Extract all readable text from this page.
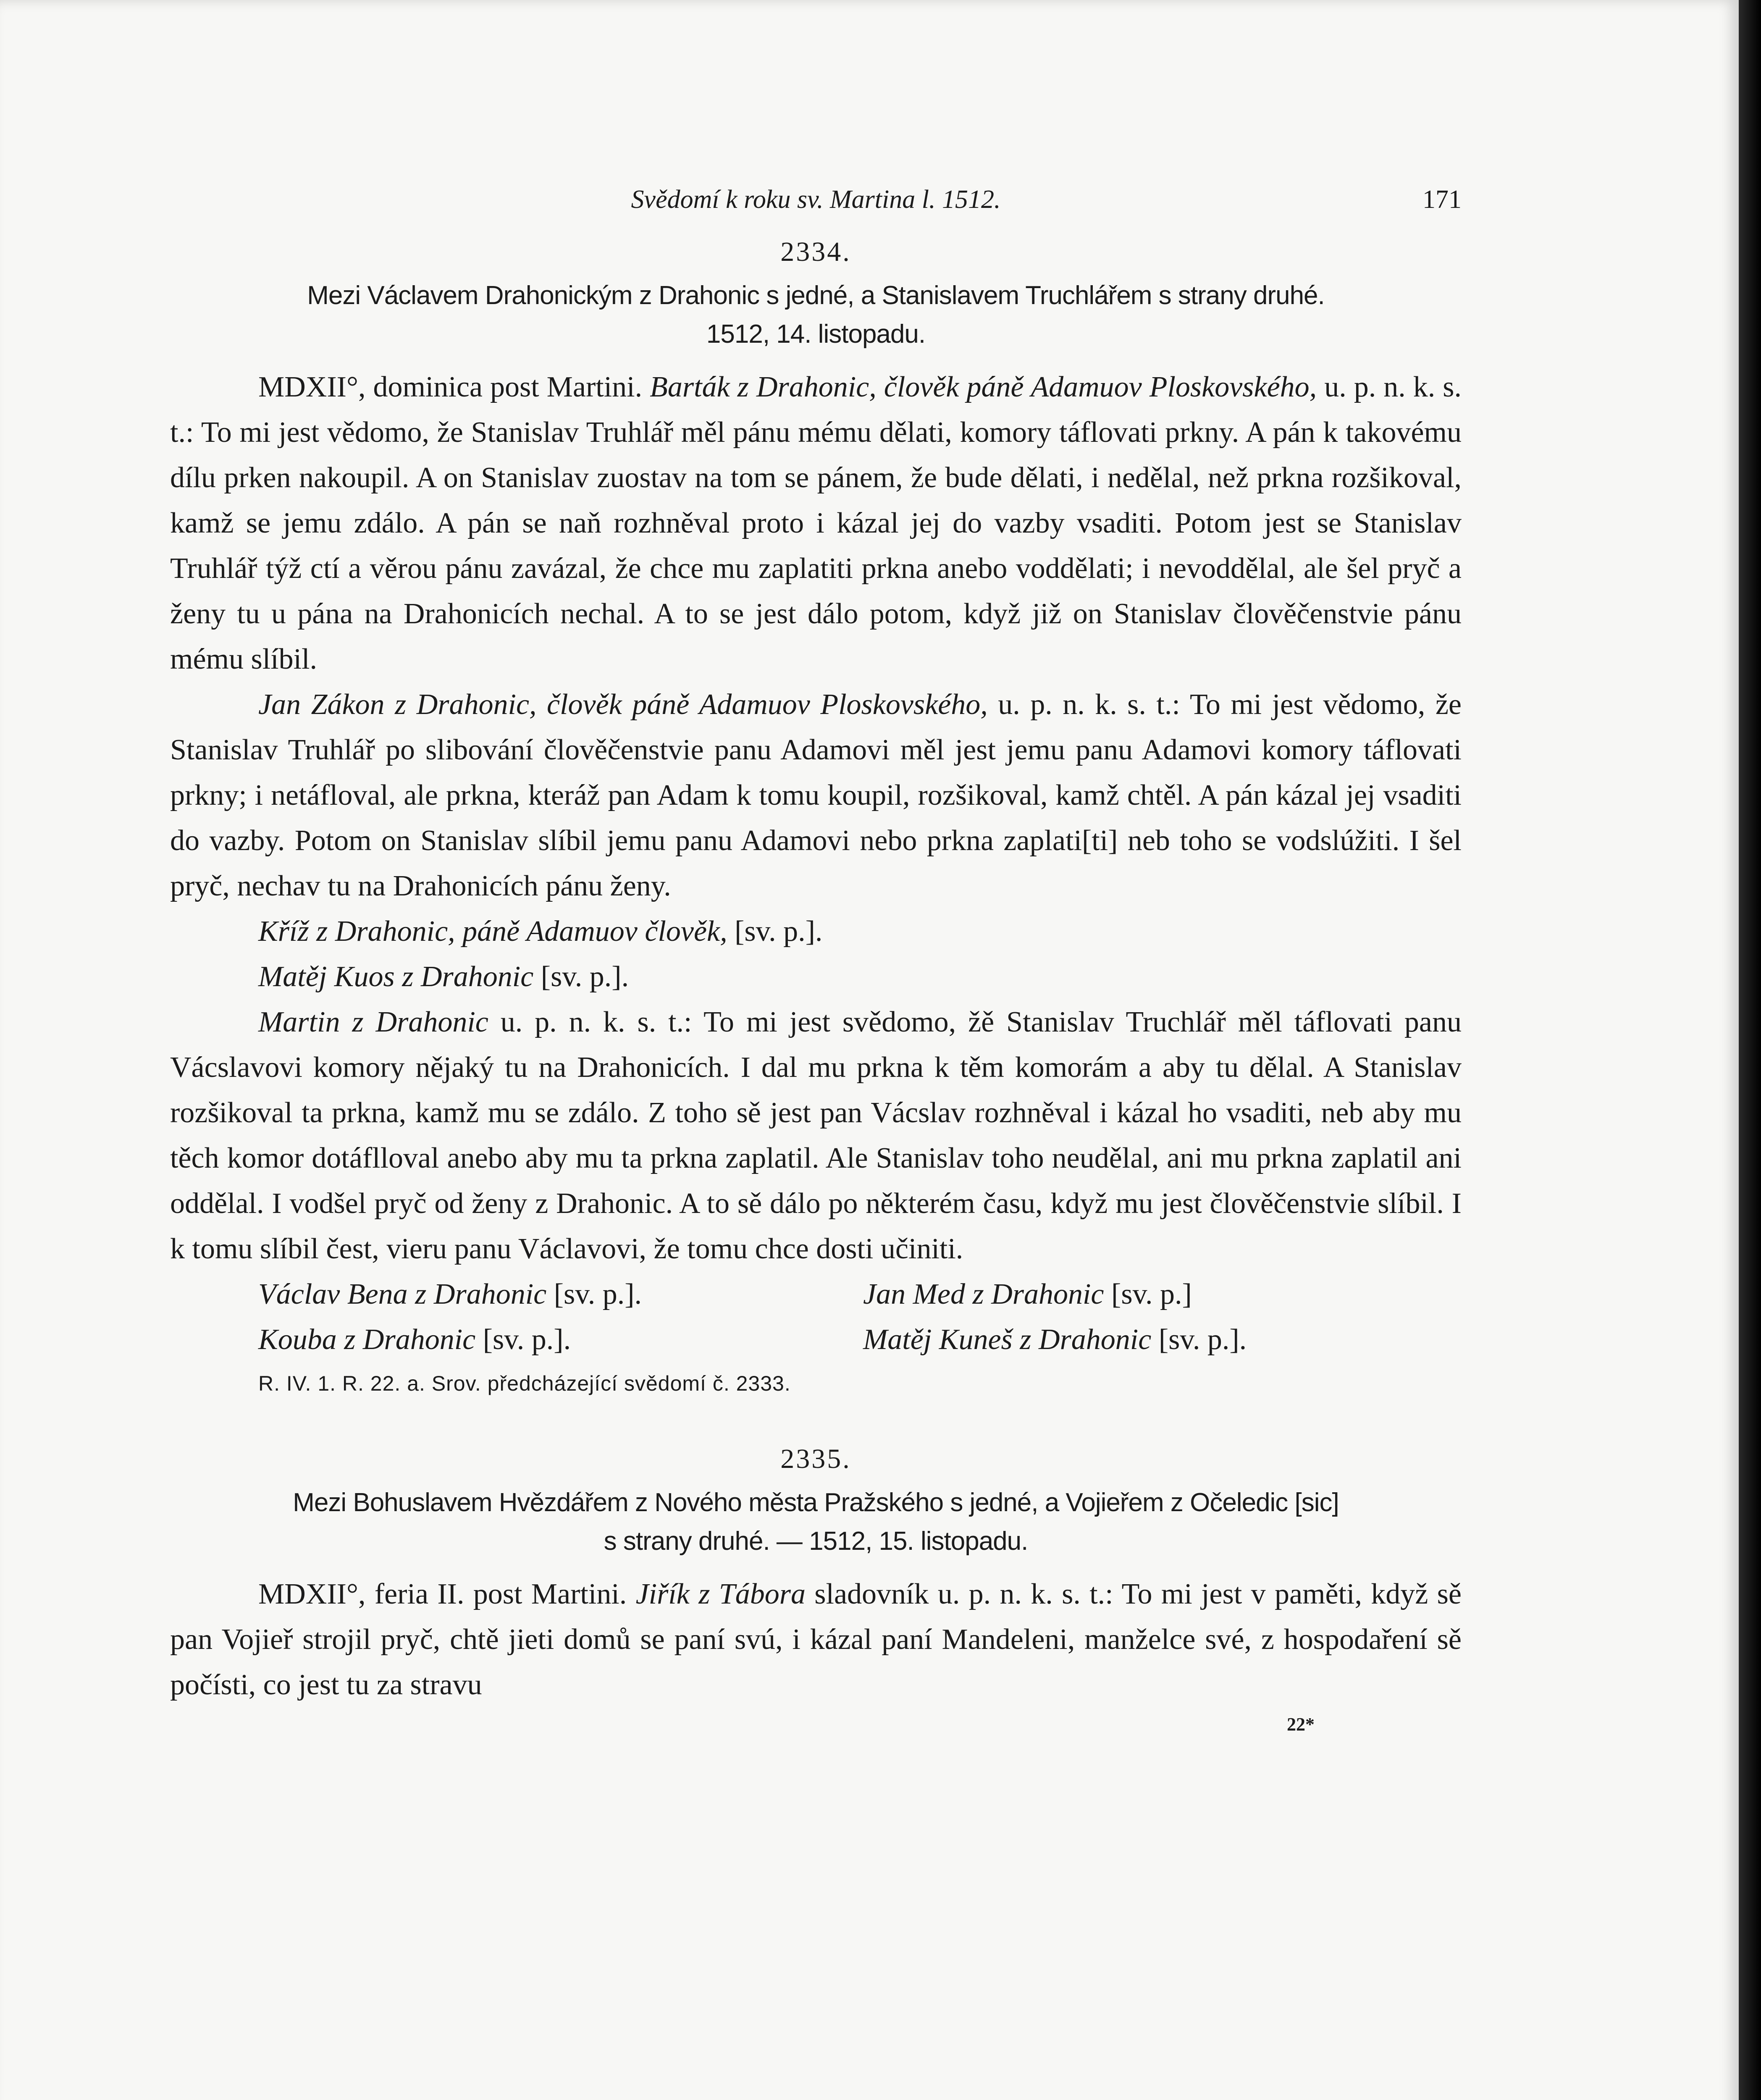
Svědomí k roku sv. Martina l. 1512.	171
2334.
Mezi Václavem Drahonickým z Drahonic s jedné, a Stanislavem Truchlářem s strany druhé.
1512, 14. listopadu.

MDXII°, dominica post Martini. Barták z Drahonic, člověk páně Adamuov Ploskovského, u. p. n. k. s. t.: To mi jest vědomo, že Stanislav Truhlář měl pánu mému dělati, komory táflovati prkny. A pán k takovému dílu prken nakoupil. A on Stanislav zuostav na tom se pánem, že bude dělati, i nedělal, než prkna rozšikoval, kamž se jemu zdálo. A pán se naň rozhněval proto i kázal jej do vazby vsaditi. Potom jest se Stanislav Truhlář týž ctí a věrou pánu zavázal, že chce mu zaplatiti prkna anebo voddělati; i nevoddělal, ale šel pryč a ženy tu u pána na Drahonicích nechal. A to se jest dálo potom, když již on Stanislav člověčenstvie pánu mému slíbil.

Jan Zákon z Drahonic, člověk páně Adamuov Ploskovského, u. p. n. k. s. t.: To mi jest vědomo, že Stanislav Truhlář po slibování člověčenstvie panu Adamovi měl jest jemu panu Adamovi komory táflovati prkny; i netáfloval, ale prkna, kteráž pan Adam k tomu koupil, rozšikoval, kamž chtěl. A pán kázal jej vsaditi do vazby. Potom on Stanislav slíbil jemu panu Adamovi nebo prkna zaplati[ti] neb toho se vodslúžiti. I šel pryč, nechav tu na Drahonicích pánu ženy.

Kříž z Drahonic, páně Adamuov člověk, [sv. p.].
Matěj Kuos z Drahonic [sv. p.].

Martin z Drahonic u. p. n. k. s. t.: To mi jest svědomo, žě Stanislav Truchlář měl táflovati panu Vácslavovi komory nějaký tu na Drahonicích. I dal mu prkna k těm komorám a aby tu dělal. A Stanislav rozšikoval ta prkna, kamž mu se zdálo. Z toho sě jest pan Vácslav rozhněval i kázal ho vsaditi, neb aby mu těch komor dotáflloval anebo aby mu ta prkna zaplatil. Ale Stanislav toho neudělal, ani mu prkna zaplatil ani oddělal. I vodšel pryč od ženy z Drahonic. A to sě dálo po některém času, když mu jest člověčenstvie slíbil. I k tomu slíbil čest, vieru panu Václavovi, že tomu chce dosti učiniti.

Václav Bena z Drahonic [sv. p.].	Jan Med z Drahonic [sv. p.]
Kouba z Drahonic [sv. p.].	Matěj Kuneš z Drahonic [sv. p.].
R. IV. 1. R. 22. a. Srov. předcházející svědomí č. 2333.
2335.
Mezi Bohuslavem Hvězdářem z Nového města Pražského s jedné, a Vojieřem z Očeledic [sic]
s strany druhé. — 1512, 15. listopadu.

MDXII°, feria II. post Martini. Jiřík z Tábora sladovník u. p. n. k. s. t.: To mi jest v paměti, když sě pan Vojieř strojil pryč, chtě jieti domů se paní svú, i kázal paní Mandeleni, manželce své, z hospodaření sě počísti, co jest tu za stravu

22*
